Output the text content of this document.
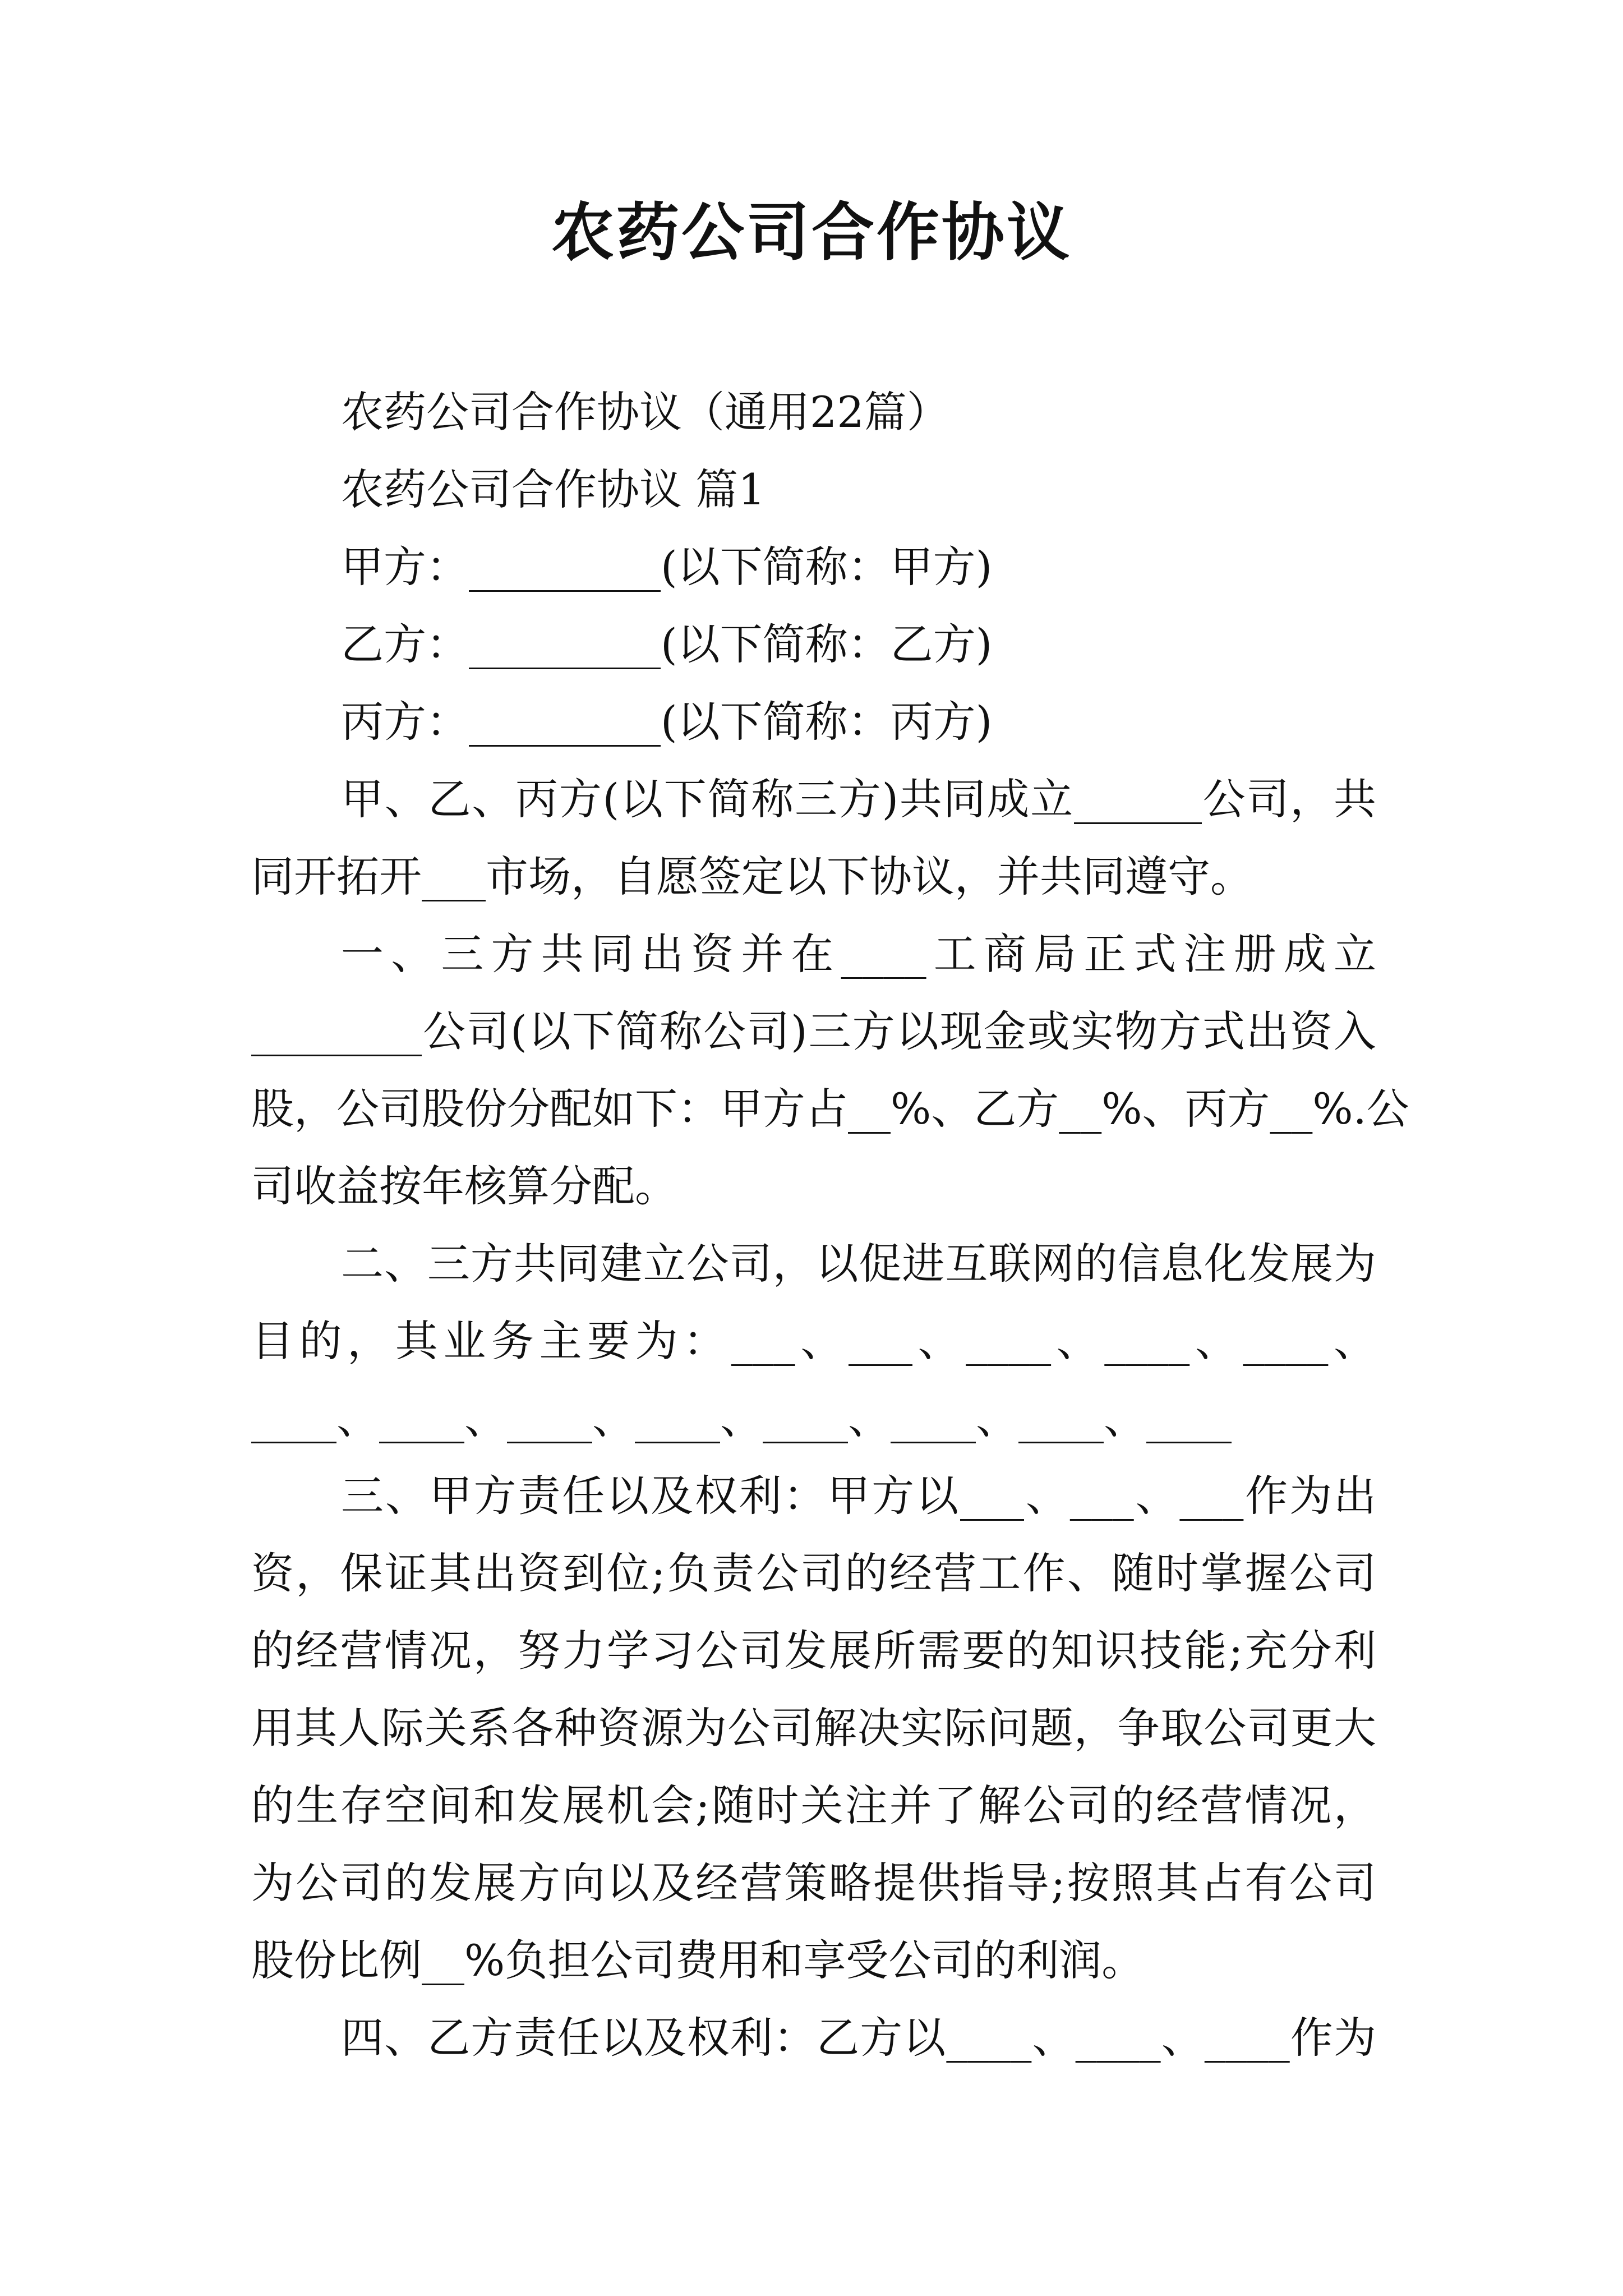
农药公司合作协议
农药公司合作协议（通用22篇）
农药公司合作协议 篇1
甲方：_________(以下简称：甲方)
乙方：_________(以下简称：乙方)
丙方：_________(以下简称：丙方)
甲、乙、丙方(以下简称三方)共同成立______公司，共
同开拓开___市场，自愿签定以下协议，并共同遵守。
一、三方共同出资并在____工商局正式注册成立
________公司(以下简称公司)三方以现金或实物方式出资入
股，公司股份分配如下：甲方占__%、乙方__%、丙方__%.公
司收益按年核算分配。
二、三方共同建立公司，以促进互联网的信息化发展为
目的，其业务主要为：___、___、____、____、____、
____、____、____、____、____、____、____、____
三、甲方责任以及权利：甲方以___、___、___作为出
资，保证其出资到位;负责公司的经营工作、随时掌握公司
的经营情况，努力学习公司发展所需要的知识技能;充分利
用其人际关系各种资源为公司解决实际问题，争取公司更大
的生存空间和发展机会;随时关注并了解公司的经营情况，
为公司的发展方向以及经营策略提供指导;按照其占有公司
股份比例__%负担公司费用和享受公司的利润。
四、乙方责任以及权利：乙方以____、____、____作为
